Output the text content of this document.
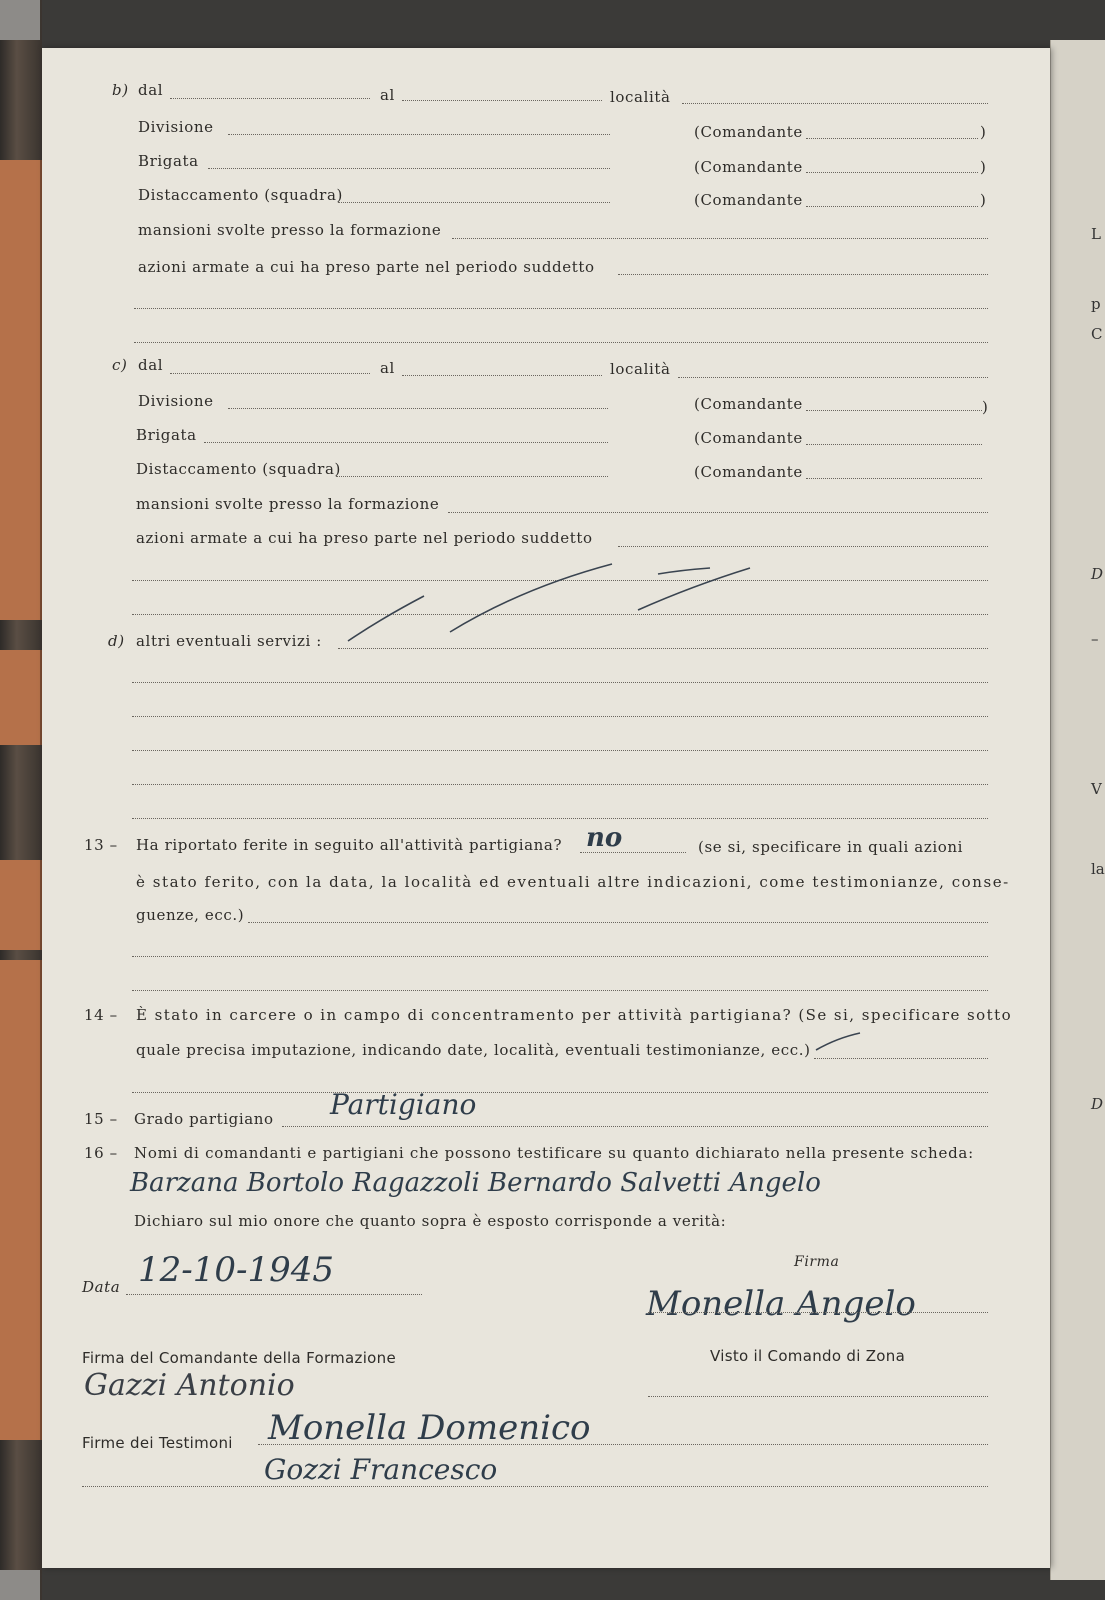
L
p
C
D
–
V
la
D
b) dal	al	località
Divisione	(Comandante	)
Brigata	(Comandante	)
Distaccamento (squadra)	(Comandante	)
mansioni svolte presso la formazione
azioni armate a cui ha preso parte nel periodo suddetto
c) dal	al	località
Divisione	(Comandante	)
Brigata	(Comandante
Distaccamento (squadra)	(Comandante
mansioni svolte presso la formazione
azioni armate a cui ha preso parte nel periodo suddetto
d) altri eventuali servizi :
13 – Ha riportato ferite in seguito all'attività partigiana? no	(se si, specificare in quali azioni
è stato ferito, con la data, la località ed eventuali altre indicazioni, come testimonianze, conse-
guenze, ecc.)
14 – È stato in carcere o in campo di concentramento per attività partigiana? (Se si, specificare sotto
quale precisa imputazione, indicando date, località, eventuali testimonianze, ecc.)
15 – Grado partigiano Partigiano
16 – Nomi di comandanti e partigiani che possono testificare su quanto dichiarato nella presente scheda:
Barzana Bortolo Ragazzoli Bernardo Salvetti Angelo
Dichiaro sul mio onore che quanto sopra è esposto corrisponde a verità:
Data 12-10-1945	Firma
Monella Angelo
Firma del Comandante della Formazione
Gazzi Antonio
Visto il Comando di Zona
Firme dei Testimoni Monella Domenico
Gozzi Francesco
